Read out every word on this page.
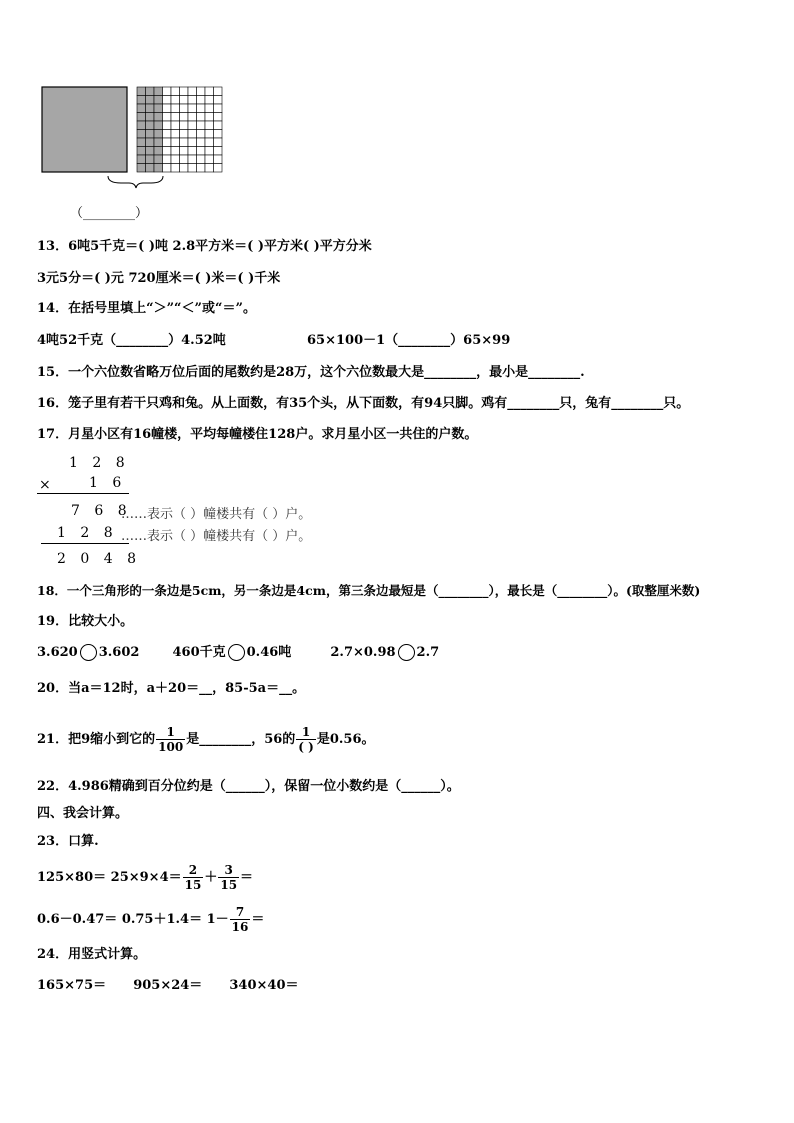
（________）
13．6吨5千克＝( )吨 2.8平方米＝( )平方米( )平方分米
3元5分＝( )元 720厘米＝( )米＝( )千米
14．在括号里填上“＞”“＜”或“＝”。
4吨52千克（________）4.52吨	65×100－1（________）65×99
15．一个六位数省略万位后面的尾数约是28万，这个六位数最大是________，最小是________.
16．笼子里有若干只鸡和兔。从上面数，有35个头，从下面数，有94只脚。鸡有________只，兔有________只。
17．月星小区有16幢楼，平均每幢楼住128户。求月星小区一共住的户数。
1 2 8
× 1 6
7 6 8
……表示（ ）幢楼共有（ ）户。
1 2 8 ……表示（ ）幢楼共有（ ）户。
2 0 4 8
18．一个三角形的一条边是5cm，另一条边是4cm，第三条边最短是（________），最长是（________）。(取整厘米数)
19．比较大小。
3.620 3.602	460千克 0.46吨	2.7×0.98 2.7
20．当a＝12时，a＋20＝__，85-5a＝__。
21．把9缩小到它的 $\frac{1}{100}$ 是________，56的 $\frac{1}{( )}$ 是0.56。
22．4.986精确到百分位约是（______），保留一位小数约是（______）。
四、我会计算。
23．口算.
$125\times 80= 25\times 9\times 4= \frac{2}{15} + \frac{3}{15}$ ＝
$0.6-0.47= 0.75+1.4= 1- \frac{7}{16}$ ＝
24．用竖式计算。
165×75＝ 905×24＝ 340×40＝
